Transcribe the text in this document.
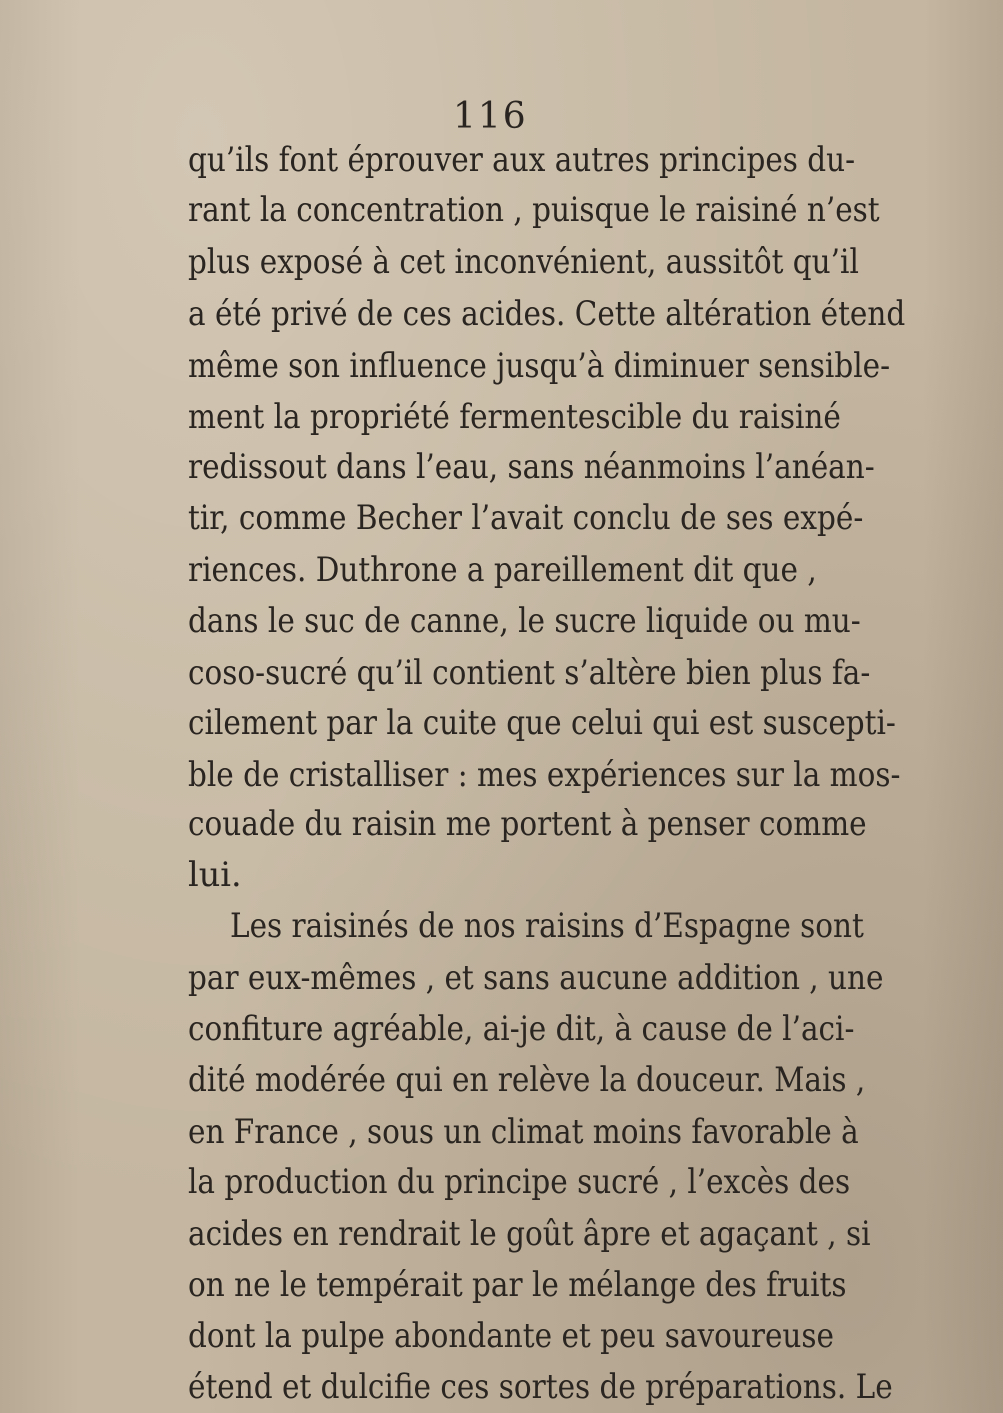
116
qu’ils font éprouver aux autres principes du-
rant la concentration , puisque le raisiné n’est
plus exposé à cet inconvénient, aussitôt qu’il
a été privé de ces acides. Cette altération étend
même son influence jusqu’à diminuer sensible-
ment la propriété fermentescible du raisiné
redissout dans l’eau, sans néanmoins l’anéan-
tir, comme Becher l’avait conclu de ses expé-
riences. Duthrone a pareillement dit que ,
dans le suc de canne, le sucre liquide ou mu-
coso-sucré qu’il contient s’altère bien plus fa-
cilement par la cuite que celui qui est suscepti-
ble de cristalliser : mes expériences sur la mos-
couade du raisin me portent à penser comme
lui.
Les raisinés de nos raisins d’Espagne sont
par eux-mêmes , et sans aucune addition , une
confiture agréable, ai-je dit, à cause de l’aci-
dité modérée qui en relève la douceur. Mais ,
en France , sous un climat moins favorable à
la production du principe sucré , l’excès des
acides en rendrait le goût âpre et agaçant , si
on ne le tempérait par le mélange des fruits
dont la pulpe abondante et peu savoureuse
étend et dulcifie ces sortes de préparations. Le
